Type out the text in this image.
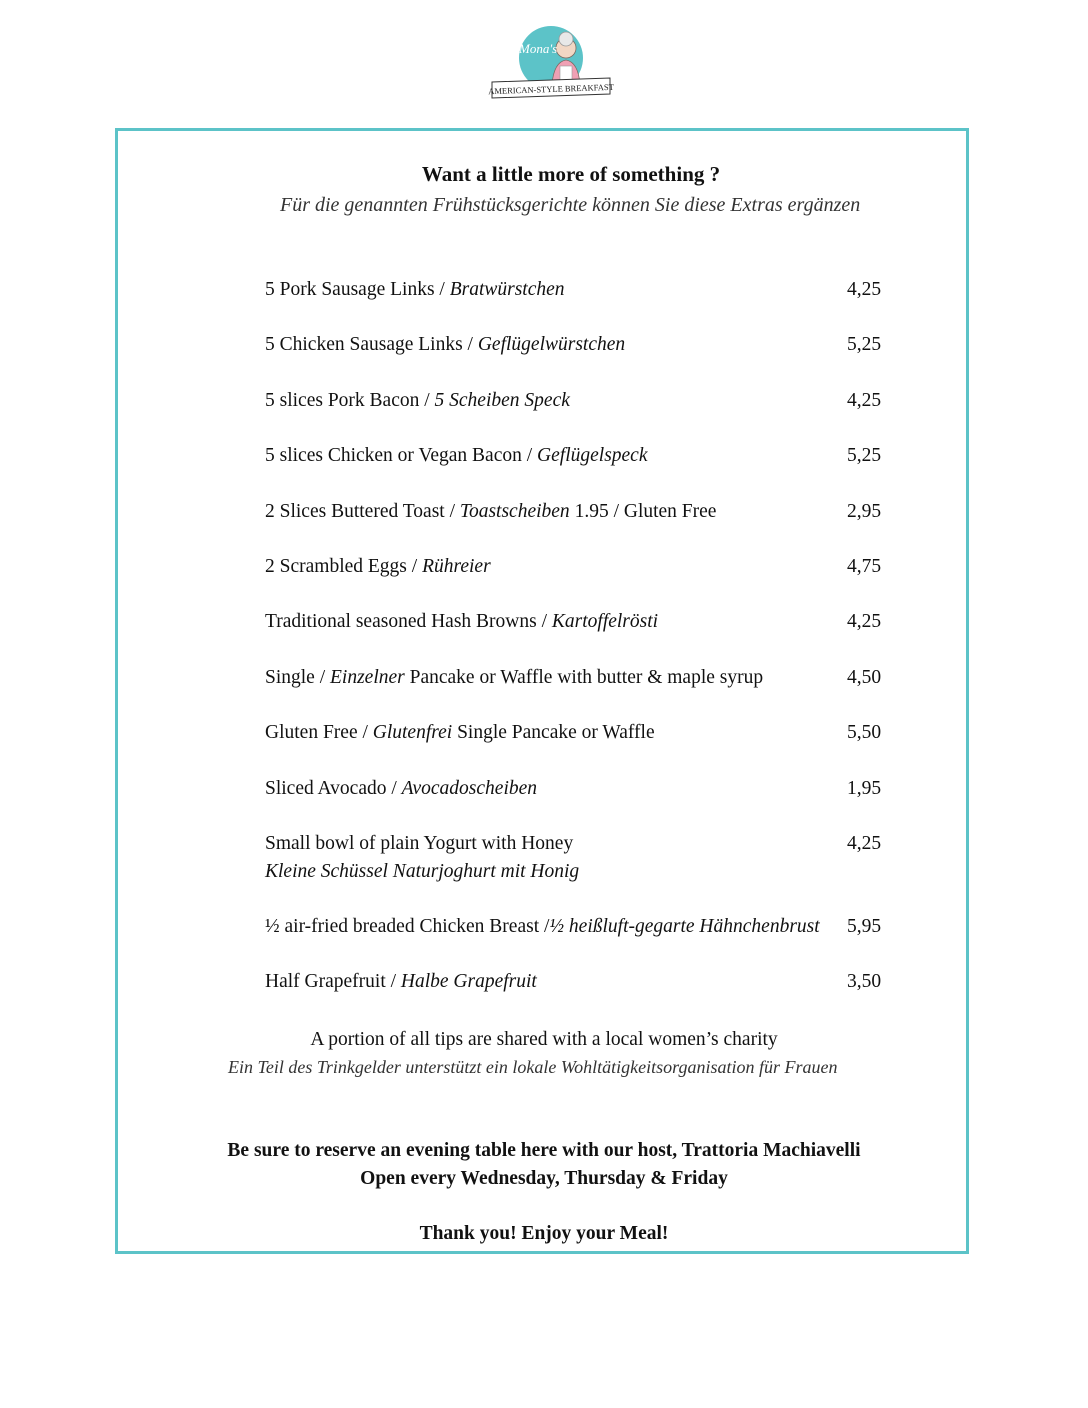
Mona's
AMERICAN-STYLE BREAKFAST
Want a little more of something ?
Für die genannten Frühstücksgerichte können Sie diese Extras ergänzen
5 Pork Sausage Links / Bratwürstchen	4,25
5 Chicken Sausage Links / Geflügelwürstchen	5,25
5 slices Pork Bacon / 5 Scheiben Speck	4,25
5 slices Chicken or Vegan Bacon / Geflügelspeck	5,25
2 Slices Buttered Toast / Toastscheiben 1.95 / Gluten Free	2,95
2 Scrambled Eggs / Rühreier	4,75
Traditional seasoned Hash Browns / Kartoffelrösti	4,25
Single / Einzelner Pancake or Waffle with butter & maple syrup	4,50
Gluten Free / Glutenfrei Single Pancake or Waffle	5,50
Sliced Avocado / Avocadoscheiben	1,95
Small bowl of plain Yogurt with Honey
Kleine Schüssel Naturjoghurt mit Honig
4,25
½ air-fried breaded Chicken Breast /½ heißluft-gegarte Hähnchenbrust 5,95
Half Grapefruit / Halbe Grapefruit	3,50
A portion of all tips are shared with a local women’s charity
Ein Teil des Trinkgelder unterstützt ein lokale Wohltätigkeitsorganisation für Frauen
Be sure to reserve an evening table here with our host, Trattoria Machiavelli
Open every Wednesday, Thursday & Friday
Thank you! Enjoy your Meal!
